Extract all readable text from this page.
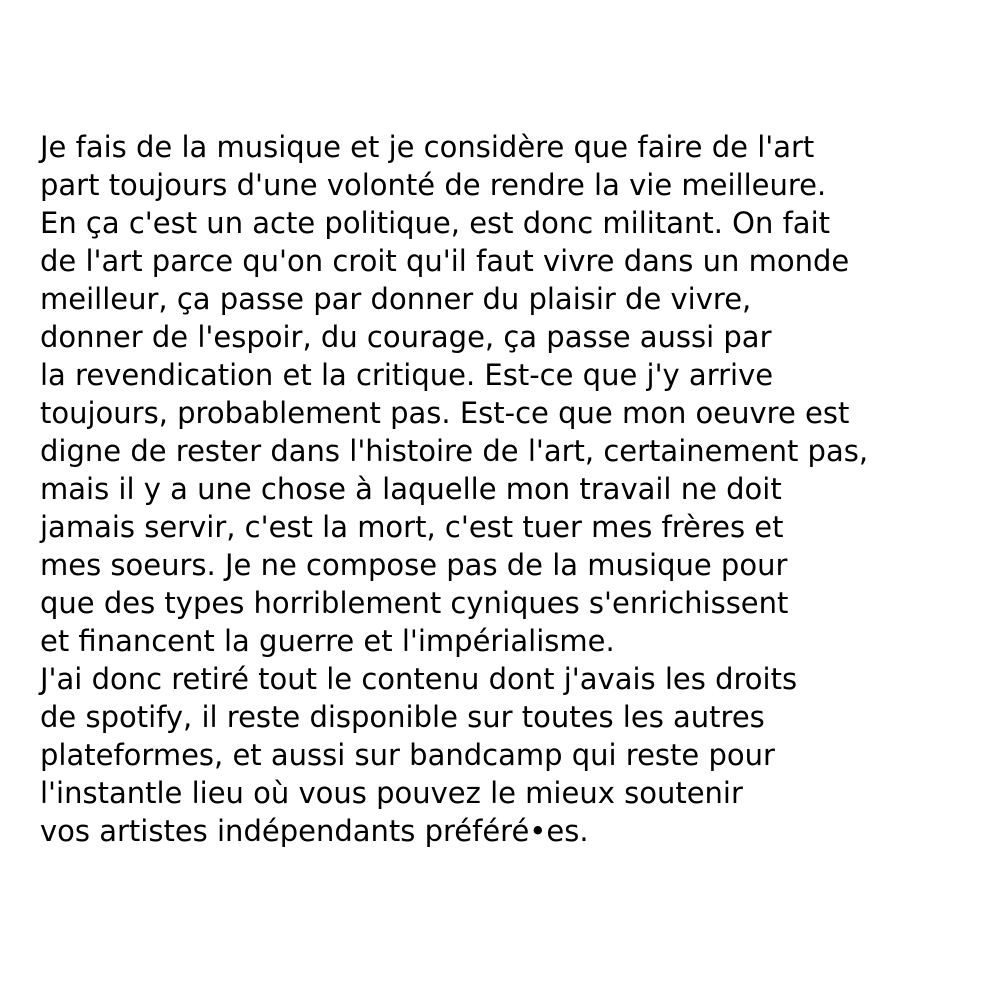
Je fais de la musique et je considère que faire de l'art
part toujours d'une volonté de rendre la vie meilleure.
En ça c'est un acte politique, est donc militant. On fait
de l'art parce qu'on croit qu'il faut vivre dans un monde
meilleur, ça passe par donner du plaisir de vivre,
donner de l'espoir, du courage, ça passe aussi par
la revendication et la critique. Est-ce que j'y arrive
toujours, probablement pas. Est-ce que mon oeuvre est
digne de rester dans l'histoire de l'art, certainement pas,
mais il y a une chose à laquelle mon travail ne doit
jamais servir, c'est la mort, c'est tuer mes frères et
mes soeurs. Je ne compose pas de la musique pour
que des types horriblement cyniques s'enrichissent
et financent la guerre et l'impérialisme.
J'ai donc retiré tout le contenu dont j'avais les droits
de spotify, il reste disponible sur toutes les autres
plateformes, et aussi sur bandcamp qui reste pour
l'instantle lieu où vous pouvez le mieux soutenir
vos artistes indépendants préféré•es.
